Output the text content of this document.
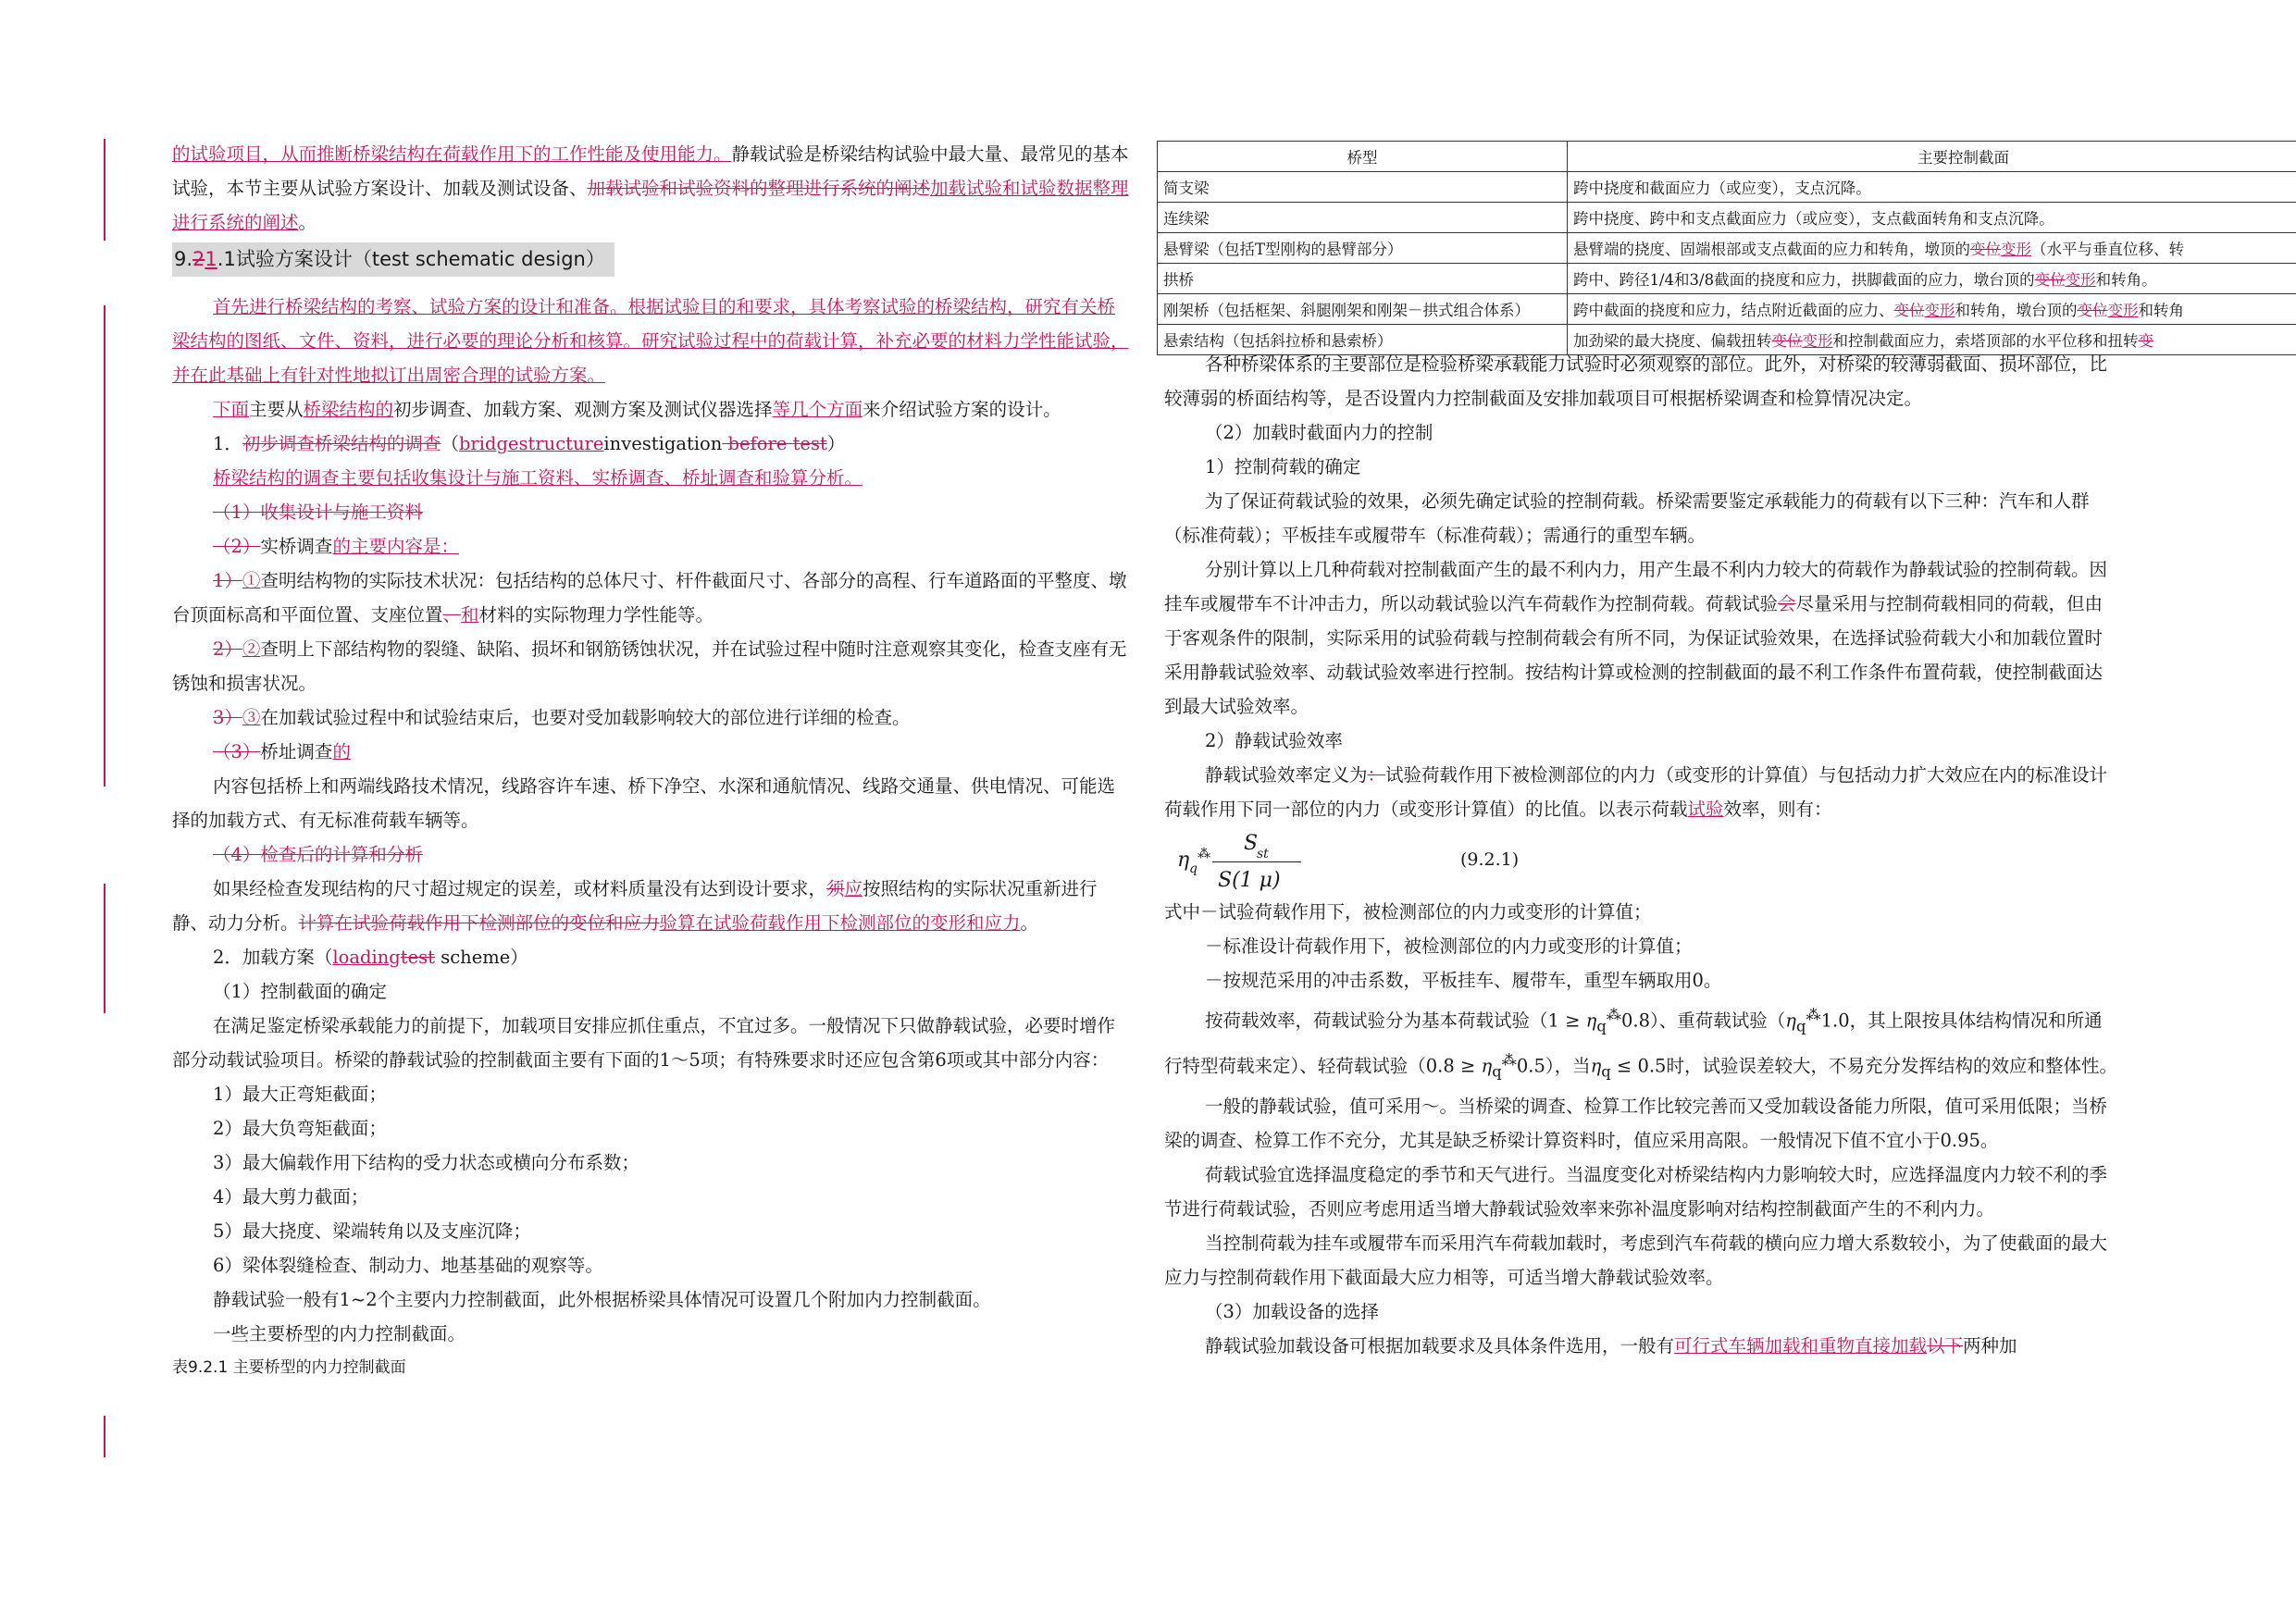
的试验项目，从而推断桥梁结构在荷载作用下的工作性能及使用能力。静载试验是桥梁结构试验中最大量、最常见的基本试验，本节主要从试验方案设计、加载及测试设备、加载试验和试验资料的整理进行系统的阐述加载试验和试验数据整理进行系统的阐述。

9.21.1试验方案设计（test schematic design）

首先进行桥梁结构的考察、试验方案的设计和准备。根据试验目的和要求，具体考察试验的桥梁结构，研究有关桥梁结构的图纸、文件、资料，进行必要的理论分析和核算。研究试验过程中的荷载计算，补充必要的材料力学性能试验，并在此基础上有针对性地拟订出周密合理的试验方案。

下面主要从桥梁结构的初步调查、加载方案、观测方案及测试仪器选择等几个方面来介绍试验方案的设计。

1．初步调查桥梁结构的调查（bridgestructureinvestigation before test）

桥梁结构的调查主要包括收集设计与施工资料、实桥调查、桥址调查和验算分析。

（1）收集设计与施工资料

（2）实桥调查的主要内容是：

1）①查明结构物的实际技术状况：包括结构的总体尺寸、杆件截面尺寸、各部分的高程、行车道路面的平整度、墩台顶面标高和平面位置、支座位置、和材料的实际物理力学性能等。

2）②查明上下部结构物的裂缝、缺陷、损坏和钢筋锈蚀状况，并在试验过程中随时注意观察其变化，检查支座有无锈蚀和损害状况。

3）③在加载试验过程中和试验结束后，也要对受加载影响较大的部位进行详细的检查。

（3）桥址调查的

内容包括桥上和两端线路技术情况，线路容许车速、桥下净空、水深和通航情况、线路交通量、供电情况、可能选择的加载方式、有无标准荷载车辆等。

（4）检查后的计算和分析

如果经检查发现结构的尺寸超过规定的误差，或材料质量没有达到设计要求，须应按照结构的实际状况重新进行静、动力分析。计算在试验荷载作用下检测部位的变位和应力验算在试验荷载作用下检测部位的变形和应力。

2．加载方案（loadingtest scheme）

（1）控制截面的确定

在满足鉴定桥梁承载能力的前提下，加载项目安排应抓住重点，不宜过多。一般情况下只做静载试验，必要时增作部分动载试验项目。桥梁的静载试验的控制截面主要有下面的1～5项；有特殊要求时还应包含第6项或其中部分内容：

1）最大正弯矩截面；

2）最大负弯矩截面；

3）最大偏载作用下结构的受力状态或横向分布系数；

4）最大剪力截面；

5）最大挠度、梁端转角以及支座沉降；

6）梁体裂缝检查、制动力、地基基础的观察等。

静载试验一般有1~2个主要内力控制截面，此外根据桥梁具体情况可设置几个附加内力控制截面。

一些主要桥型的内力控制截面。

表9.2.1 主要桥型的内力控制截面

桥型	主要控制截面
简支梁	跨中挠度和截面应力（或应变），支点沉降。
连续梁	跨中挠度、跨中和支点截面应力（或应变），支点截面转角和支点沉降。
悬臂梁（包括T型刚构的悬臂部分）	悬臂端的挠度、固端根部或支点截面的应力和转角，墩顶的变位变形（水平与垂直位移、转
拱桥	跨中、跨径1/4和3/8截面的挠度和应力，拱脚截面的应力，墩台顶的变位变形和转角。
刚架桥（包括框架、斜腿刚架和刚架－拱式组合体系）	跨中截面的挠度和应力，结点附近截面的应力、变位变形和转角，墩台顶的变位变形和转角
悬索结构（包括斜拉桥和悬索桥）	加劲梁的最大挠度、偏载扭转变位变形和控制截面应力，索塔顶部的水平位移和扭转变

各种桥梁体系的主要部位是检验桥梁承载能力试验时必须观察的部位。此外，对桥梁的较薄弱截面、损坏部位，比较薄弱的桥面结构等，是否设置内力控制截面及安排加载项目可根据桥梁调查和检算情况决定。

（2）加载时截面内力的控制

1）控制荷载的确定

为了保证荷载试验的效果，必须先确定试验的控制荷载。桥梁需要鉴定承载能力的荷载有以下三种：汽车和人群（标准荷载）；平板挂车或履带车（标准荷载）；需通行的重型车辆。

分别计算以上几种荷载对控制截面产生的最不利内力，用产生最不利内力较大的荷载作为静载试验的控制荷载。因挂车或履带车不计冲击力，所以动载试验以汽车荷载作为控制荷载。荷载试验会尽量采用与控制荷载相同的荷载，但由于客观条件的限制，实际采用的试验荷载与控制荷载会有所不同，为保证试验效果，在选择试验荷载大小和加载位置时采用静载试验效率、动载试验效率进行控制。按结构计算或检测的控制截面的最不利工作条件布置荷载，使控制截面达到最大试验效率。

2）静载试验效率

静载试验效率定义为：试验荷载作用下被检测部位的内力（或变形的计算值）与包括动力扩大效应在内的标准设计荷载作用下同一部位的内力（或变形计算值）的比值。以表示荷载试验效率，则有：

η q
⁂ S
st
S(1 μ)
(9.2.1)

式中－试验荷载作用下，被检测部位的内力或变形的计算值；

－标准设计荷载作用下，被检测部位的内力或变形的计算值；

－按规范采用的冲击系数，平板挂车、履带车，重型车辆取用0。

按荷载效率，荷载试验分为基本荷载试验$(1 \ge \eta_q^⁂0.8)$、重荷载试验（$\eta_q^⁂1.0$，其上限按具体结构情况和所通行特型荷载来定）、轻荷载试验$(0.8 \ge \eta_q^⁂0.5)$，当$\eta_q \le 0.5$时，试验误差较大，不易充分发挥结构的效应和整体性。

一般的静载试验，值可采用～。当桥梁的调查、检算工作比较完善而又受加载设备能力所限，值可采用低限；当桥梁的调查、检算工作不充分，尤其是缺乏桥梁计算资料时，值应采用高限。一般情况下值不宜小于0.95。

荷载试验宜选择温度稳定的季节和天气进行。当温度变化对桥梁结构内力影响较大时，应选择温度内力较不利的季节进行荷载试验，否则应考虑用适当增大静载试验效率来弥补温度影响对结构控制截面产生的不利内力。

当控制荷载为挂车或履带车而采用汽车荷载加载时，考虑到汽车荷载的横向应力增大系数较小，为了使截面的最大应力与控制荷载作用下截面最大应力相等，可适当增大静载试验效率。

（3）加载设备的选择

静载试验加载设备可根据加载要求及具体条件选用，一般有可行式车辆加载和重物直接加载以下两种加
